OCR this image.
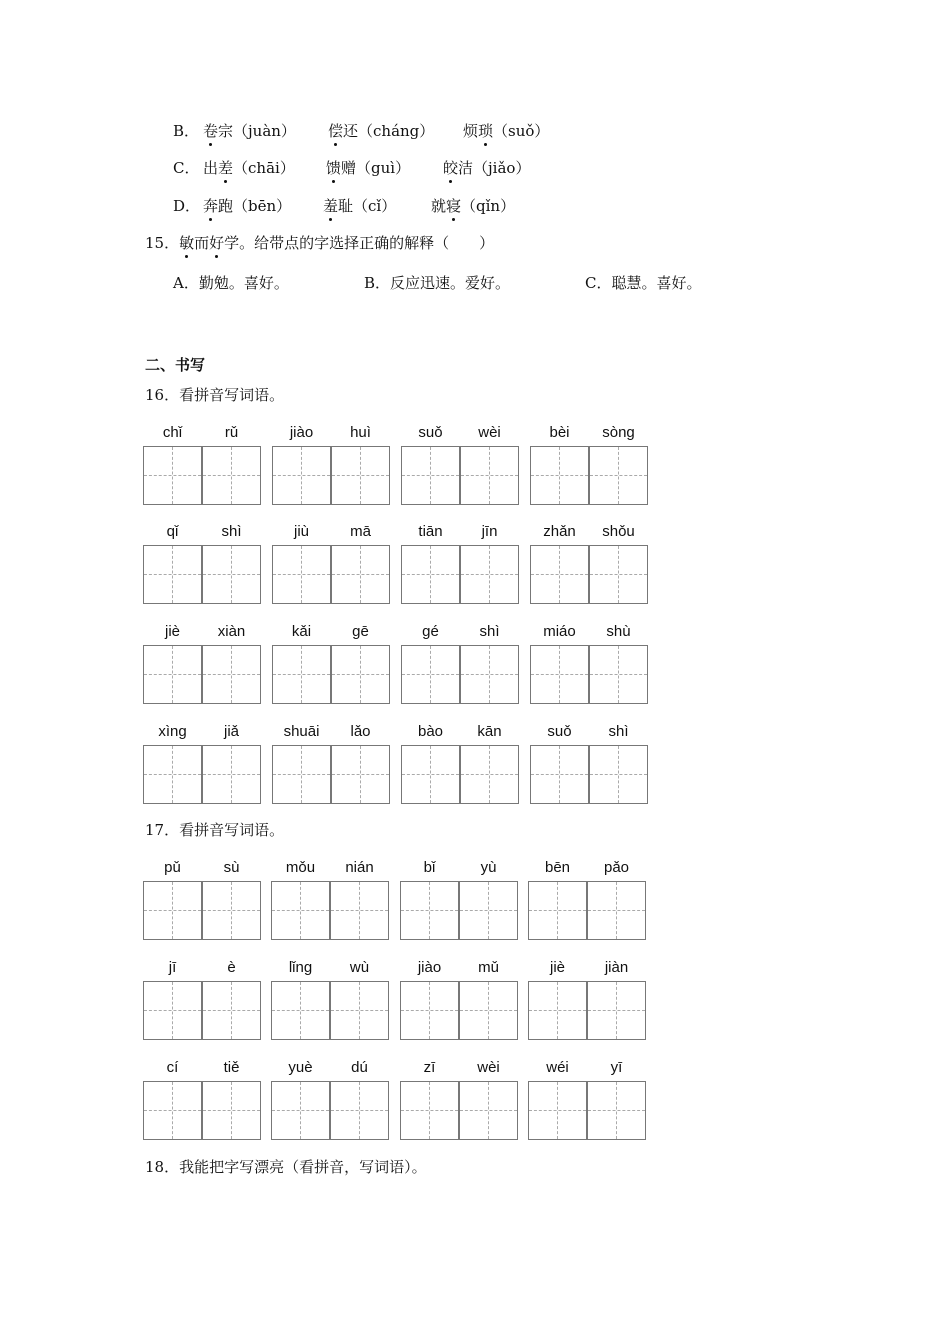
B． 卷宗（juàn） 偿还（cháng） 烦琐（suǒ）
C． 出差（chāi） 馈赠（guì） 皎洁（jiǎo）
D． 奔跑（bēn） 羞耻（cǐ） 就寝（qǐn）
15．敏而好学。给带点的字选择正确的解释（　　）
A．勤勉。喜好。	B．反应迅速。爱好。	C．聪慧。喜好。
二、书写
16．看拼音写词语。
17．看拼音写词语。
18．我能把字写漂亮（看拼音，写词语）。
chǐ	rǔ	jiào	huì	suǒ	wèi	bèi	sòng
qǐ	shì	jiù	mā	tiān	jīn	zhǎn	shǒu
jiè	xiàn	kǎi	gē	gé	shì	miáo	shù
xìng	jiǎ	shuāi	lǎo	bào	kān	suǒ	shì
pǔ	sù	mǒu	nián	bǐ	yù	bēn	pǎo
jī	è	lǐng	wù	jiào	mǔ	jiè	jiàn
cí	tiě	yuè	dú	zī	wèi	wéi	yī
